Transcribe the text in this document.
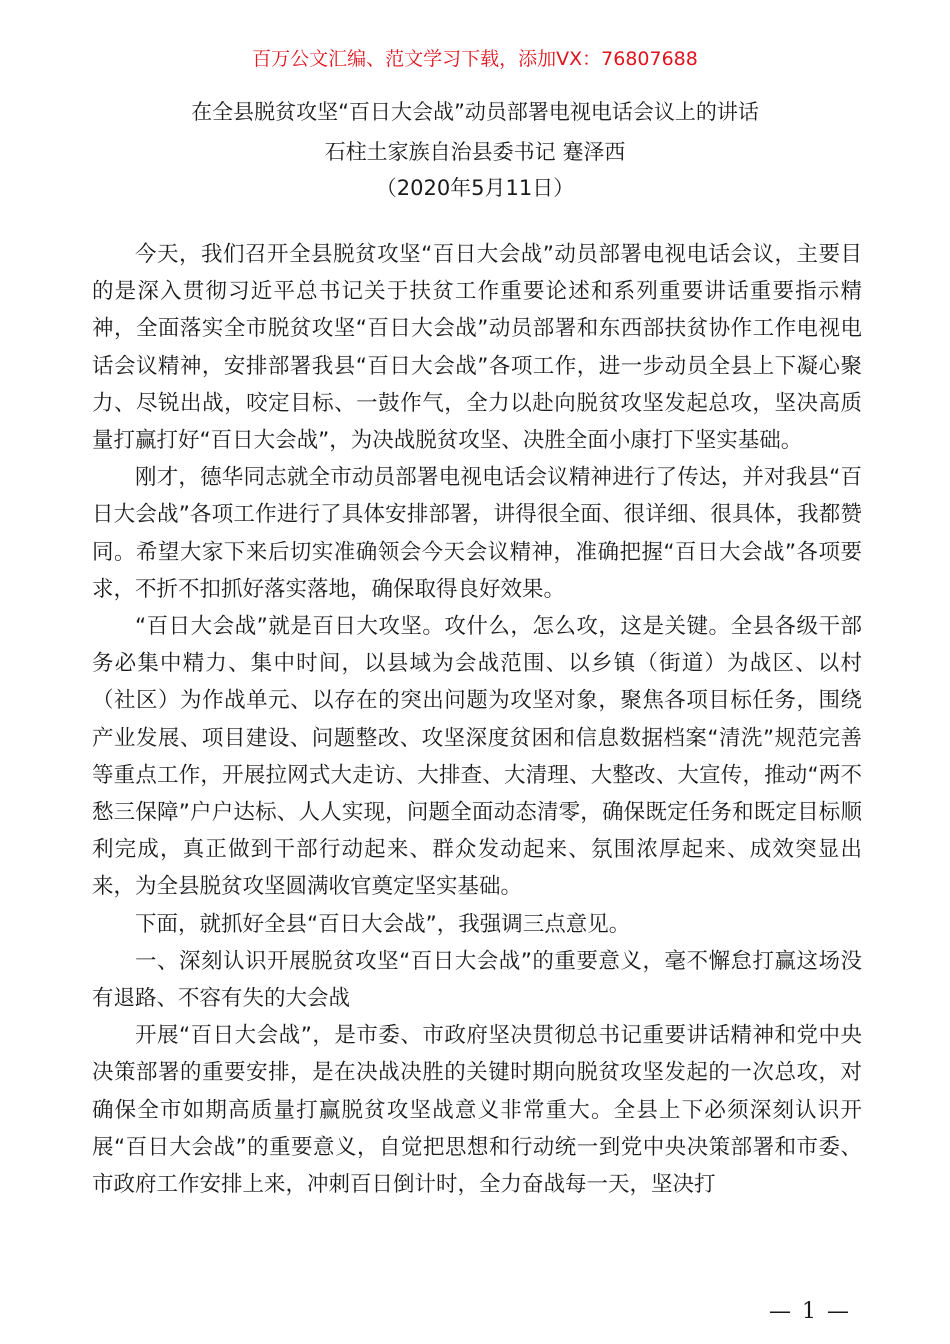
百万公文汇编、范文学习下载，添加VX：76807688
在全县脱贫攻坚“百日大会战”动员部署电视电话会议上的讲话
石柱土家族自治县委书记 蹇泽西
（2020年5月11日）

今天，我们召开全县脱贫攻坚“百日大会战”动员部署电视电话会议，主要目的是深入贯彻习近平总书记关于扶贫工作重要论述和系列重要讲话重要指示精神，全面落实全市脱贫攻坚“百日大会战”动员部署和东西部扶贫协作工作电视电话会议精神，安排部署我县“百日大会战”各项工作，进一步动员全县上下凝心聚力、尽锐出战，咬定目标、一鼓作气，全力以赴向脱贫攻坚发起总攻，坚决高质量打赢打好“百日大会战”，为决战脱贫攻坚、决胜全面小康打下坚实基础。

刚才，德华同志就全市动员部署电视电话会议精神进行了传达，并对我县“百日大会战”各项工作进行了具体安排部署，讲得很全面、很详细、很具体，我都赞同。希望大家下来后切实准确领会今天会议精神，准确把握“百日大会战”各项要求，不折不扣抓好落实落地，确保取得良好效果。

“百日大会战”就是百日大攻坚。攻什么，怎么攻，这是关键。全县各级干部务必集中精力、集中时间，以县域为会战范围、以乡镇（街道）为战区、以村（社区）为作战单元、以存在的突出问题为攻坚对象，聚焦各项目标任务，围绕产业发展、项目建设、问题整改、攻坚深度贫困和信息数据档案“清洗”规范完善等重点工作，开展拉网式大走访、大排查、大清理、大整改、大宣传，推动“两不愁三保障”户户达标、人人实现，问题全面动态清零，确保既定任务和既定目标顺利完成，真正做到干部行动起来、群众发动起来、氛围浓厚起来、成效突显出来，为全县脱贫攻坚圆满收官奠定坚实基础。

下面，就抓好全县“百日大会战”，我强调三点意见。

一、深刻认识开展脱贫攻坚“百日大会战”的重要意义，毫不懈怠打赢这场没有退路、不容有失的大会战

开展“百日大会战”，是市委、市政府坚决贯彻总书记重要讲话精神和党中央决策部署的重要安排，是在决战决胜的关键时期向脱贫攻坚发起的一次总攻，对确保全市如期高质量打赢脱贫攻坚战意义非常重大。全县上下必须深刻认识开展“百日大会战”的重要意义，自觉把思想和行动统一到党中央决策部署和市委、市政府工作安排上来，冲刺百日倒计时，全力奋战每一天，坚决打

— 1 —
